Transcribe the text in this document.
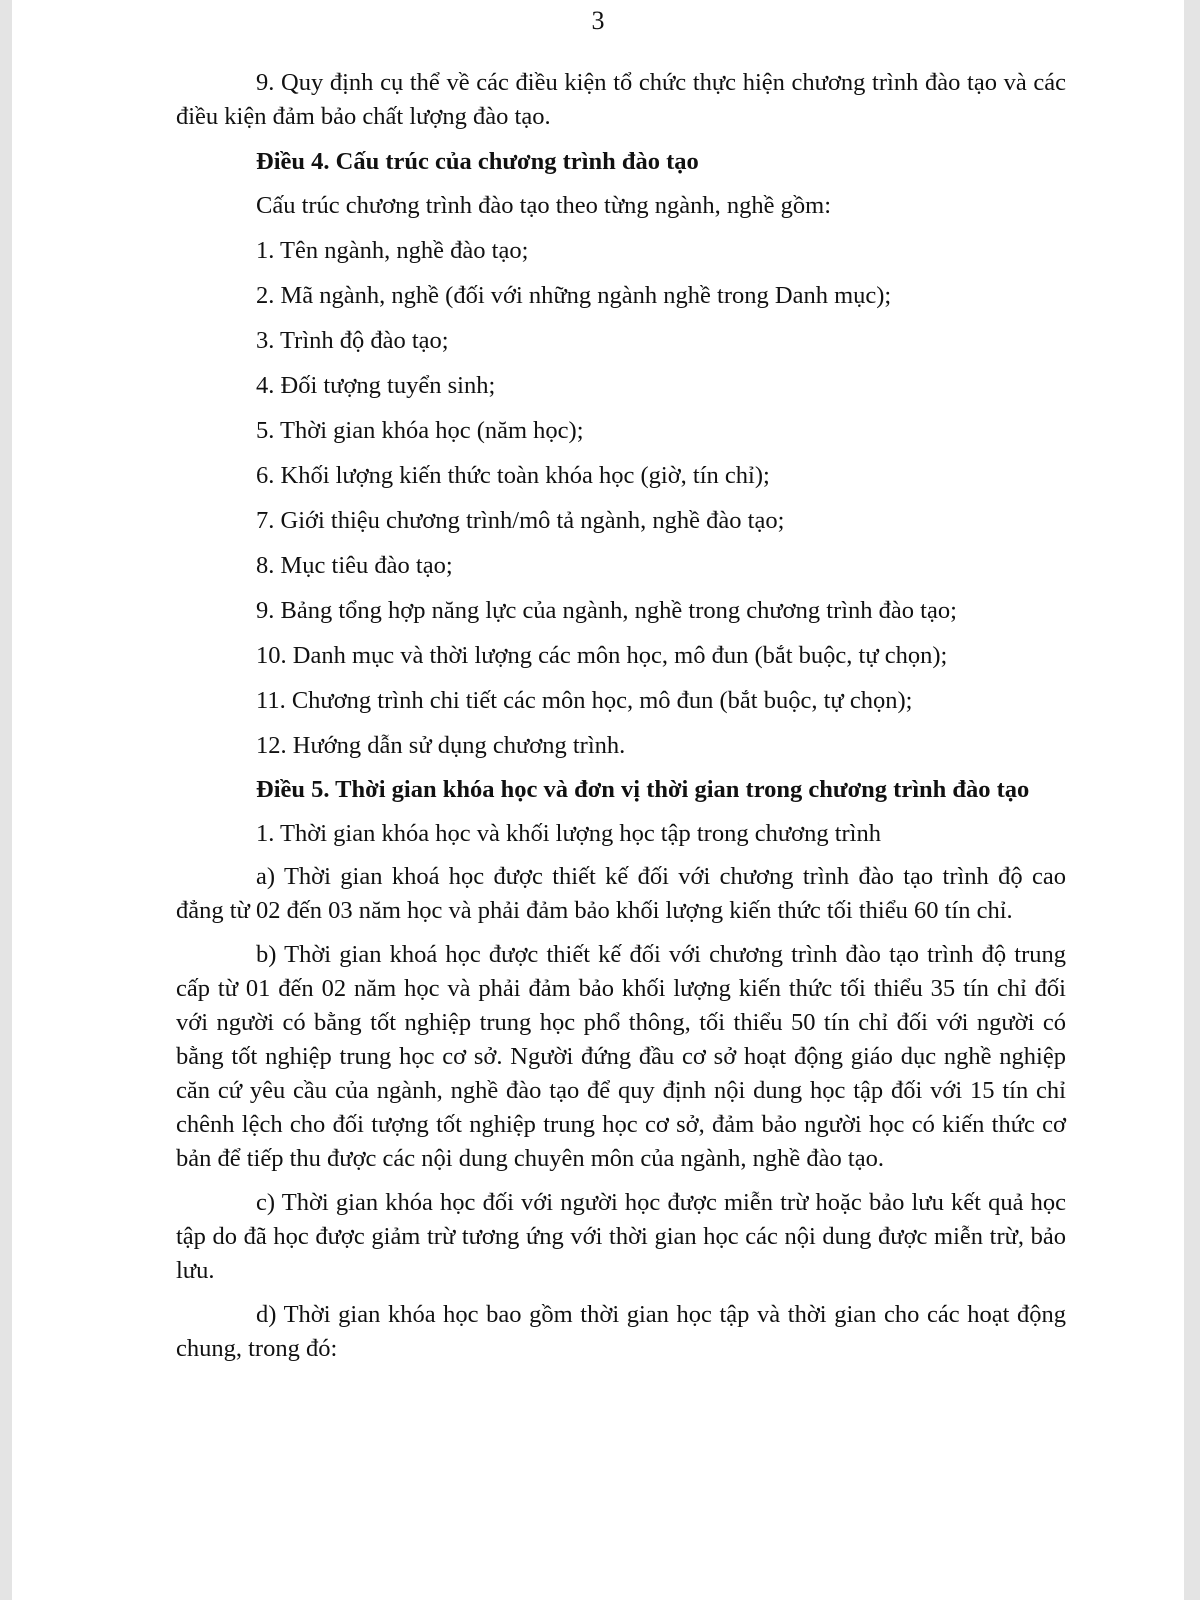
3

9. Quy định cụ thể về các điều kiện tổ chức thực hiện chương trình đào tạo và các điều kiện đảm bảo chất lượng đào tạo.

Điều 4. Cấu trúc của chương trình đào tạo

Cấu trúc chương trình đào tạo theo từng ngành, nghề gồm:

1. Tên ngành, nghề đào tạo;

2. Mã ngành, nghề (đối với những ngành nghề trong Danh mục);

3. Trình độ đào tạo;

4. Đối tượng tuyển sinh;

5. Thời gian khóa học (năm học);

6. Khối lượng kiến thức toàn khóa học (giờ, tín chỉ);

7. Giới thiệu chương trình/mô tả ngành, nghề đào tạo;

8. Mục tiêu đào tạo;

9. Bảng tổng hợp năng lực của ngành, nghề trong chương trình đào tạo;

10. Danh mục và thời lượng các môn học, mô đun (bắt buộc, tự chọn);

11. Chương trình chi tiết các môn học, mô đun (bắt buộc, tự chọn);

12. Hướng dẫn sử dụng chương trình.

Điều 5. Thời gian khóa học và đơn vị thời gian trong chương trình đào tạo

1. Thời gian khóa học và khối lượng học tập trong chương trình

a) Thời gian khoá học được thiết kế đối với chương trình đào tạo trình độ cao đẳng từ 02 đến 03 năm học và phải đảm bảo khối lượng kiến thức tối thiểu 60 tín chỉ.

b) Thời gian khoá học được thiết kế đối với chương trình đào tạo trình độ trung cấp từ 01 đến 02 năm học và phải đảm bảo khối lượng kiến thức tối thiểu 35 tín chỉ đối với người có bằng tốt nghiệp trung học phổ thông, tối thiểu 50 tín chỉ đối với người có bằng tốt nghiệp trung học cơ sở. Người đứng đầu cơ sở hoạt động giáo dục nghề nghiệp căn cứ yêu cầu của ngành, nghề đào tạo để quy định nội dung học tập đối với 15 tín chỉ chênh lệch cho đối tượng tốt nghiệp trung học cơ sở, đảm bảo người học có kiến thức cơ bản để tiếp thu được các nội dung chuyên môn của ngành, nghề đào tạo.

c) Thời gian khóa học đối với người học được miễn trừ hoặc bảo lưu kết quả học tập do đã học được giảm trừ tương ứng với thời gian học các nội dung được miễn trừ, bảo lưu.

d) Thời gian khóa học bao gồm thời gian học tập và thời gian cho các hoạt động chung, trong đó:
